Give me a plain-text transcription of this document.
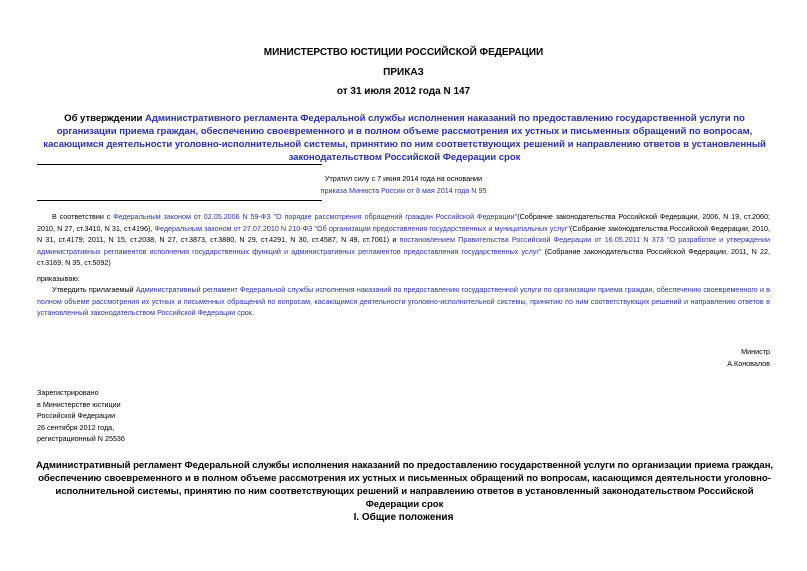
МИНИСТЕРСТВО ЮСТИЦИИ РОССИЙСКОЙ ФЕДЕРАЦИИ
ПРИКАЗ
от 31 июля 2012 года N 147
Об утверждении Административного регламента Федеральной службы исполнения наказаний по предоставлению государственной услуги по организации приема граждан, обеспечению своевременного и в полном объеме рассмотрения их устных и письменных обращений по вопросам, касающимся деятельности уголовно-исполнительной системы, принятию по ним соответствующих решений и направлению ответов в установленный законодательством Российской Федерации срок
Утратил силу с 7 июня 2014 года на основании
приказа Минюста России от 8 мая 2014 года N 95
В соответствии с Федеральным законом от 02.05.2006 N 59-ФЗ "О порядке рассмотрения обращений граждан Российской Федерации"(Собрание законодательства Российской Федерации, 2006, N 19, ст.2060; 2010, N 27, ст.3410, N 31, ст.4196), Федеральным законом от 27.07.2010 N 210-ФЗ "Об организации предоставления государственных и муниципальных услуг"(Собрание законодательства Российской Федерации, 2010, N 31, ст.4179; 2011, N 15, ст.2038, N 27, ст.3873, ст.3880, N 29, ст.4291, N 30, ст.4587, N 49, ст.7061) и постановлением Правительства Российской Федерации от 16.05.2011 N 373 "О разработке и утверждении административных регламентов исполнения государственных функций и административных регламентов предоставления государственных услуг" (Собрание законодательства Российской Федерации, 2011, N 22, ст.3169, N 35, ст.5092)
приказываю:
Утвердить прилагаемый Административный регламент Федеральной службы исполнения наказаний по предоставлению государственной услуги по организации приема граждан, обеспечению своевременного и в полном объеме рассмотрения их устных и письменных обращений по вопросам, касающимся деятельности уголовно-исполнительной системы, принятию по ним соответствующих решений и направлению ответов в установленный законодательством Российской Федерации срок.
Министр
А.Коновалов
Зарегистрировано
в Министерстве юстиции
Российской Федерации
26 сентября 2012 года,
регистрационный N 25536
Административный регламент Федеральной службы исполнения наказаний по предоставлению государственной услуги по организации приема граждан, обеспечению своевременного и в полном объеме рассмотрения их устных и письменных обращений по вопросам, касающимся деятельности уголовно-исполнительной системы, принятию по ним соответствующих решений и направлению ответов в установленный законодательством Российской Федерации срок
I. Общие положения
